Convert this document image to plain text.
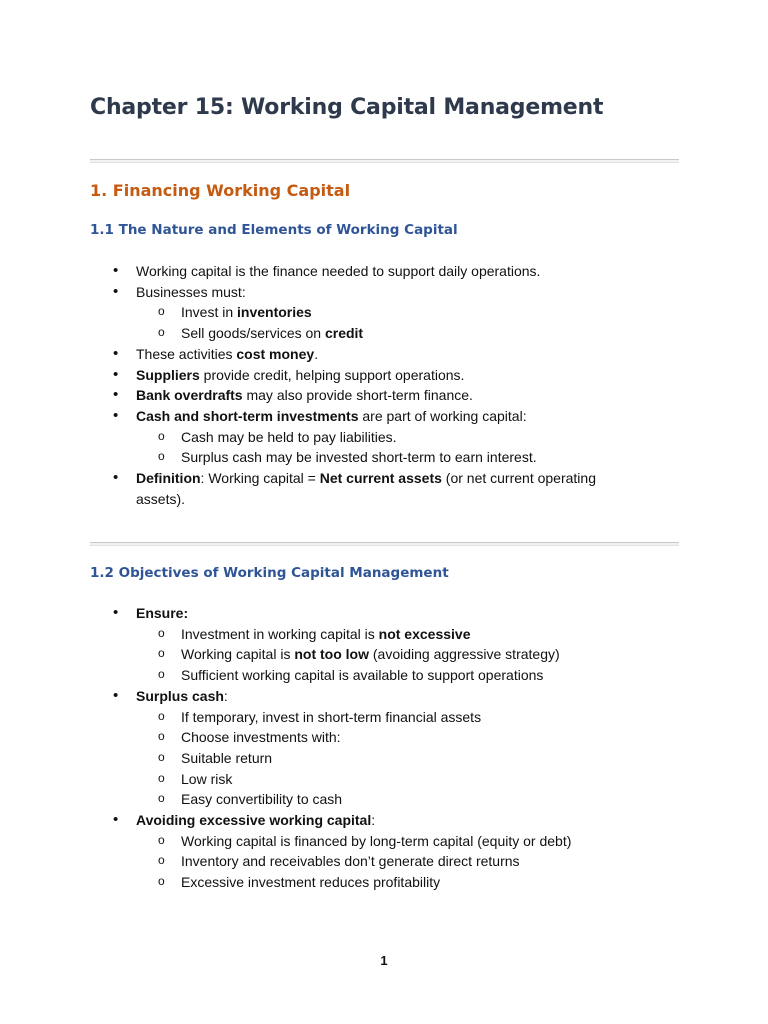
Chapter 15: Working Capital Management
1. Financing Working Capital
1.1 The Nature and Elements of Working Capital
• Working capital is the finance needed to support daily operations.
• Businesses must:
o Invest in inventories
o Sell goods/services on credit
• These activities cost money.
• Suppliers provide credit, helping support operations.
• Bank overdrafts may also provide short-term finance.
• Cash and short-term investments are part of working capital:
o Cash may be held to pay liabilities.
o Surplus cash may be invested short-term to earn interest.
• Definition: Working capital = Net current assets (or net current operating assets).
1.2 Objectives of Working Capital Management
• Ensure:
o Investment in working capital is not excessive
o Working capital is not too low (avoiding aggressive strategy)
o Sufficient working capital is available to support operations
• Surplus cash:
o If temporary, invest in short-term financial assets
o Choose investments with:
o Suitable return
o Low risk
o Easy convertibility to cash
• Avoiding excessive working capital:
o Working capital is financed by long-term capital (equity or debt)
o Inventory and receivables don’t generate direct returns
o Excessive investment reduces profitability
1
